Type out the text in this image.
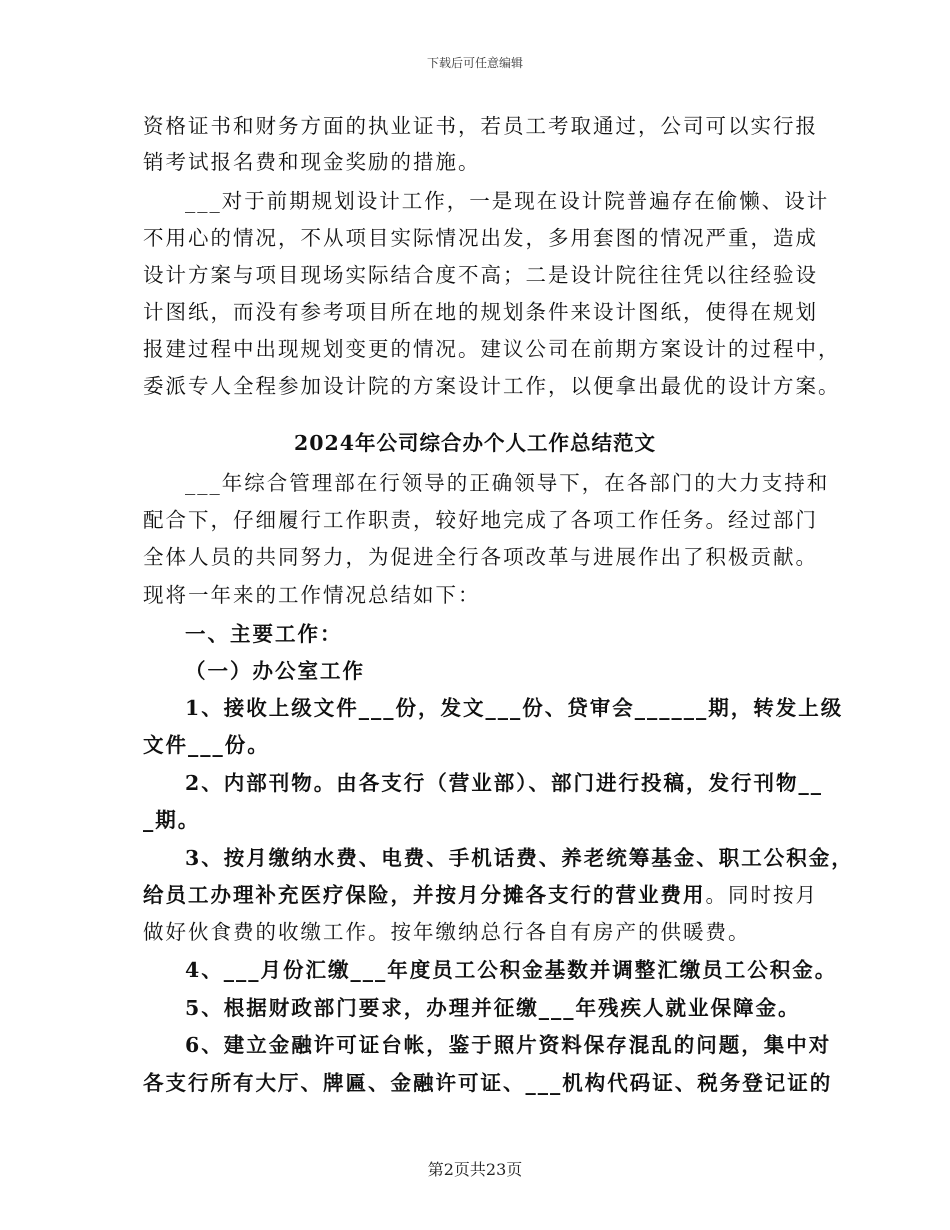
下载后可任意编辑
资格证书和财务方面的执业证书，若员工考取通过，公司可以实行报
销考试报名费和现金奖励的措施。
___对于前期规划设计工作，一是现在设计院普遍存在偷懒、设计
不用心的情况，不从项目实际情况出发，多用套图的情况严重，造成
设计方案与项目现场实际结合度不高；二是设计院往往凭以往经验设
计图纸，而没有参考项目所在地的规划条件来设计图纸，使得在规划
报建过程中出现规划变更的情况。建议公司在前期方案设计的过程中，
委派专人全程参加设计院的方案设计工作，以便拿出最优的设计方案。
___年综合管理部在行领导的正确领导下，在各部门的大力支持和
配合下，仔细履行工作职责，较好地完成了各项工作任务。经过部门
全体人员的共同努力，为促进全行各项改革与进展作出了积极贡献。
现将一年来的工作情况总结如下：
一、主要工作：
（一）办公室工作
1、接收上级文件___份，发文___份、贷审会______期，转发上级
文件___份。
2、内部刊物。由各支行（营业部）、部门进行投稿，发行刊物__
_期。
3、按月缴纳水费、电费、手机话费、养老统筹基金、职工公积金，
给员工办理补充医疗保险，并按月分摊各支行的营业费用。同时按月
做好伙食费的收缴工作。按年缴纳总行各自有房产的供暖费。
4、___月份汇缴___年度员工公积金基数并调整汇缴员工公积金。
5、根据财政部门要求，办理并征缴___年残疾人就业保障金。
6、建立金融许可证台帐，鉴于照片资料保存混乱的问题，集中对
各支行所有大厅、牌匾、金融许可证、___机构代码证、税务登记证的
2024年公司综合办个人工作总结范文
第2页共23页
